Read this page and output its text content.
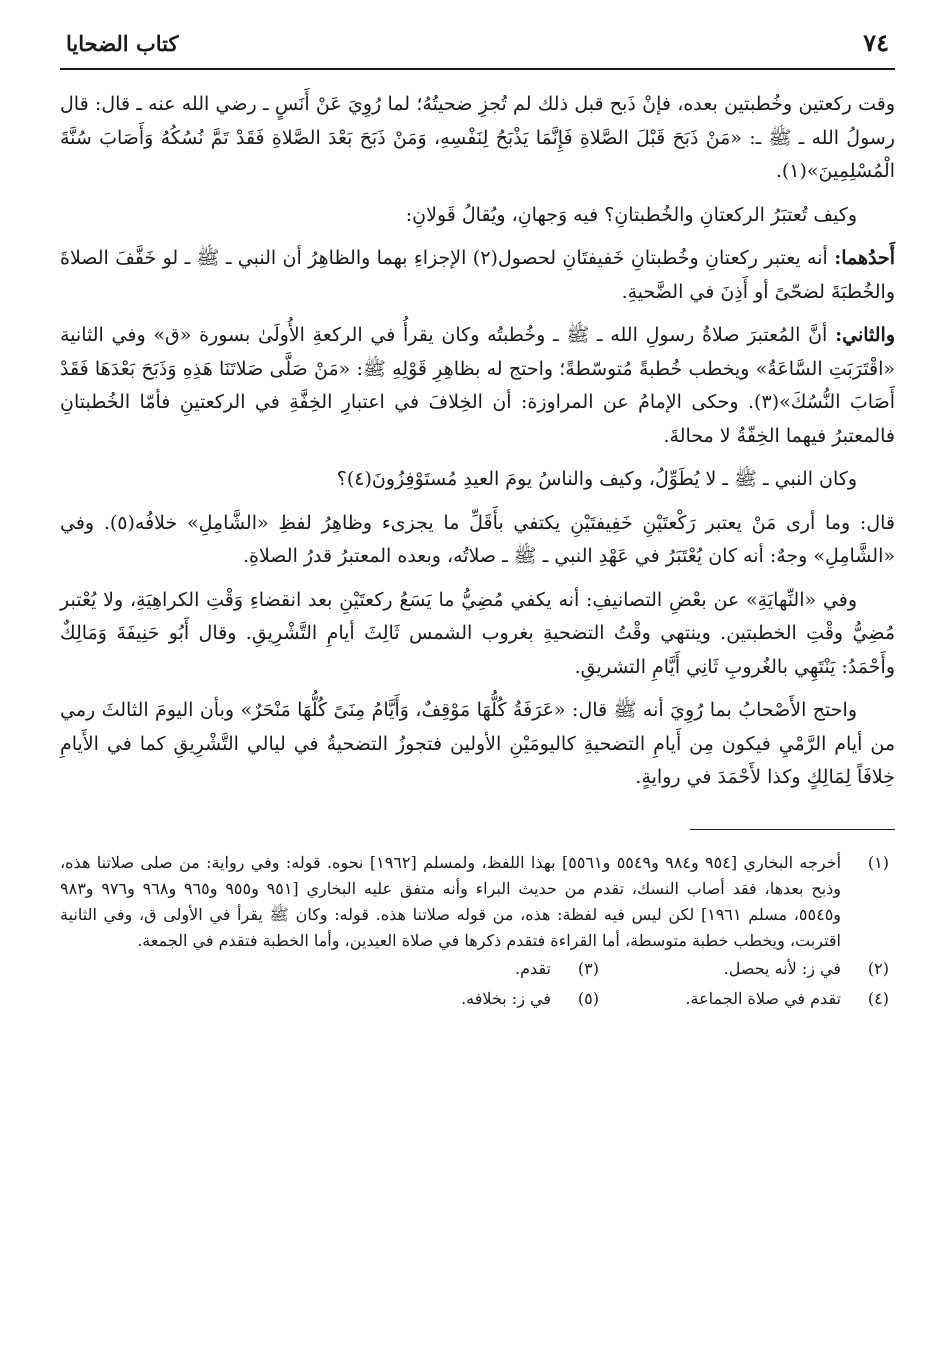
٧٤
كتاب الضحايا

وقت ركعتين وخُطبتين بعده، فإنْ ذَبح قبل ذلك لم تُجزِ ضحيتُهُ؛ لما رُوِيَ عَنْ أَنَسٍ ـ رضي الله عنه ـ قال: قال رسولُ الله ـ ﷺ ـ: «مَنْ ذَبَحَ قَبْلَ الصَّلاةِ فَإِنَّمَا يَذْبَحُ لِنَفْسِهِ، وَمَنْ ذَبَحَ بَعْدَ الصَّلاةِ فَقَدْ تَمَّ نُسُكُهُ وَأَصَابَ سُنَّةَ الْمُسْلِمِينَ»(١).

وكيف تُعتبَرُ الركعتانِ والخُطبتانِ؟ فيه وَجهانِ، ويُقالُ قَولانِ:

أَحدُهما: أنه يعتبر ركعتانِ وخُطبتانِ خَفيفتَانِ لحصول(٢) الإجزاءِ بهما والظاهِرُ أن النبي ـ ﷺ ـ لو خَفَّفَ الصلاةَ والخُطبَةَ لضحّىً أو أَذِنَ في الضَّحيةِ.

والثاني: أنَّ المُعتبرَ صلاةُ رسولِ الله ـ ﷺ ـ وخُطبتُه وكان يقرأُ في الركعةِ الأُولَىٰ بسورة «ق» وفي الثانية «اقْتَرَبَتِ السَّاعَةُ» ويخطب خُطبةً مُتوسّطةً؛ واحتج له بظاهِرِ قَوْلِهِ ﷺ: «مَنْ صَلَّى صَلاتَنَا هَذِهِ وَذَبَحَ بَعْدَهَا فَقَدْ أَصَابَ النُّسُكَ»(٣). وحكى الإمامُ عن المراوزة: أن الخِلافَ في اعتبارِ الخِفَّةِ في الركعتينِ فأمّا الخُطبتانِ فالمعتبرُ فيهما الخِفّةُ لا محالةَ.

وكان النبي ـ ﷺ ـ لا يُطَوِّلُ، وكيف والناسُ يومَ العيدِ مُستَوْفِزُونَ(٤)؟

قال: وما أرى مَنْ يعتبر رَكْعتَيْنِ خَفِيفتَيْنِ يكتفي بأَقَلِّ ما يجزىء وظاهِرُ لفظِ «الشَّامِلِ» خلافُه(٥). وفي «الشَّامِلِ» وجهٌ: أنه كان يُعْتَبَرُ في عَهْدِ النبي ـ ﷺ ـ صلاتُه، وبعده المعتبرُ قدرُ الصلاةِ.

وفي «النِّهايَةِ» عن بعْضِ التصانيفِ: أنه يكفي مُضِيُّ ما يَسَعُ ركعتَيْنِ بعد انقضاءِ وَقْتِ الكراهِيَةِ، ولا يُعْتبر مُضِيُّ وقْتِ الخطبتين. وينتهي وقْتُ التضحيةِ بغروب الشمس ثَالِثَ أيامِ التَّشْرِيقِ. وقال أَبُو حَنِيفَةَ وَمَالِكٌ وأَحْمَدُ: يَنْتَهِي بالغُروبِ ثَانِي أَيَّامِ التشريقِ.

واحتج الأَصْحابُ بما رُوِيَ أنه ﷺ قال: «عَرَفَةُ كُلُّهَا مَوْقِفٌ، وَأَيَّامُ مِنَىً كُلُّهَا مَنْحَرٌ» وبأن اليومَ الثالثَ رمي من أيام الرَّمْيِ فيكون مِن أَيامِ التضحيةِ كاليومَيْنِ الأولين فتجوزُ التضحيةُ في ليالي التَّشْرِيقِ كما في الأَيامِ خِلافَاً لِمَالِكٍ وكذا لأَحْمَدَ في روايةٍ.

(١)
أخرجه البخاري [٩٥٤ و٩٨٤ و٥٥٤٩ و٥٥٦١] بهذا اللفظ، ولمسلم [١٩٦٢] نحوه. قوله: وفي رواية: من صلى صلاتنا هذه، وذبح بعدها، فقد أصاب النسك، تقدم من حديث البراء وأنه متفق عليه البخاري [٩٥١ و٩٥٥ و٩٦٥ و٩٦٨ و٩٧٦ و٩٨٣ و٥٥٤٥، مسلم ١٩٦١] لكن ليس فيه لفظة: هذه، من قوله صلاتنا هذه. قوله: وكان ﷺ يقرأ في الأولى ق، وفي الثانية اقتربت، ويخطب خطبة متوسطة، أما القراءة فتقدم ذكرها في صلاة العيدين، وأما الخطبة فتقدم في الجمعة.
(٢)
في ز: لأنه يحصل.
(٣)
تقدم.
(٤)
تقدم في صلاة الجماعة.
(٥)
في ز: بخلافه.
